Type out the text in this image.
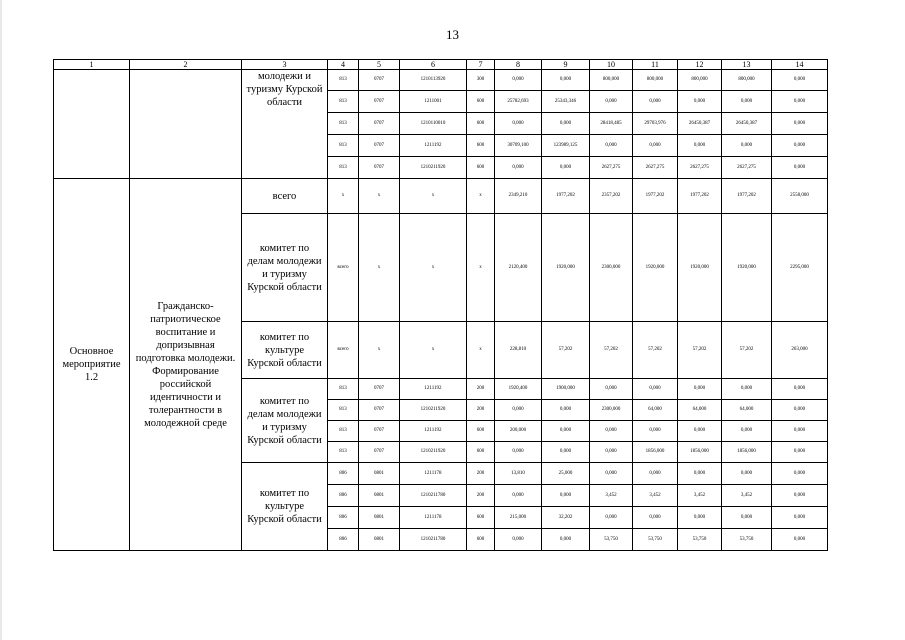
13
1	2	3	4	5	6	7	8	9	10	11	12	13	14
		молодежи и туризму Курской области	813	0707	1210113920	300	0,000	0,000	800,000	800,000	800,000	800,000	0,000
			813	0707	1211001	600	25782,693	25343,346	0,000	0,000	0,000	0,000	0,000
			813	0707	1210110010	600	0,000	0,000	28418,485	29703,976	26450,387	26450,387	0,000
			813	0707	1211192	600	30709,100	123989,125	0,000	0,000	0,000	0,000	0,000
			813	0707	1210211920	600	0,000	0,000	2627,275	2627,275	2627,275	2627,275	0,000
Основное мероприятие 1.2	Гражданско-патриотическое воспитание и допризывная подготовка молодежи. Формирование российской идентичности и толерантности в молодежной среде	всего	x	x	x	x	2349,210	1977,202	2357,202	1977,202	1977,202	1977,202	2558,000
		комитет по делам молодежи и туризму Курской области	всего	x	x	x	2120,400	1920,000	2300,000	1920,000	1920,000	1920,000	2295,000
		комитет по культуре Курской области	всего	x	x	x	228,810	57,202	57,202	57,202	57,202	57,202	263,000
		комитет по делам молодежи и туризму Курской области	813	0707	1211192	200	1920,400	1900,000	0,000	0,000	0,000	0,000	0,000
			813	0707	1210211920	200	0,000	0,000	2300,000	64,000	64,000	64,000	0,000
			813	0707	1211192	600	200,000	0,000	0,000	0,000	0,000	0,000	0,000
			813	0707	1210211920	600	0,000	0,000	0,000	1856,000	1856,000	1856,000	0,000
		комитет по культуре Курской области	806	0801	1211178	200	13,810	25,000	0,000	0,000	0,000	0,000	0,000
			806	0801	1210211780	200	0,000	0,000	3,452	3,452	3,452	3,452	0,000
			806	0801	1211178	600	215,000	32,202	0,000	0,000	0,000	0,000	0,000
			806	0801	1210211780	600	0,000	0,000	53,750	53,750	53,750	53,750	0,000
